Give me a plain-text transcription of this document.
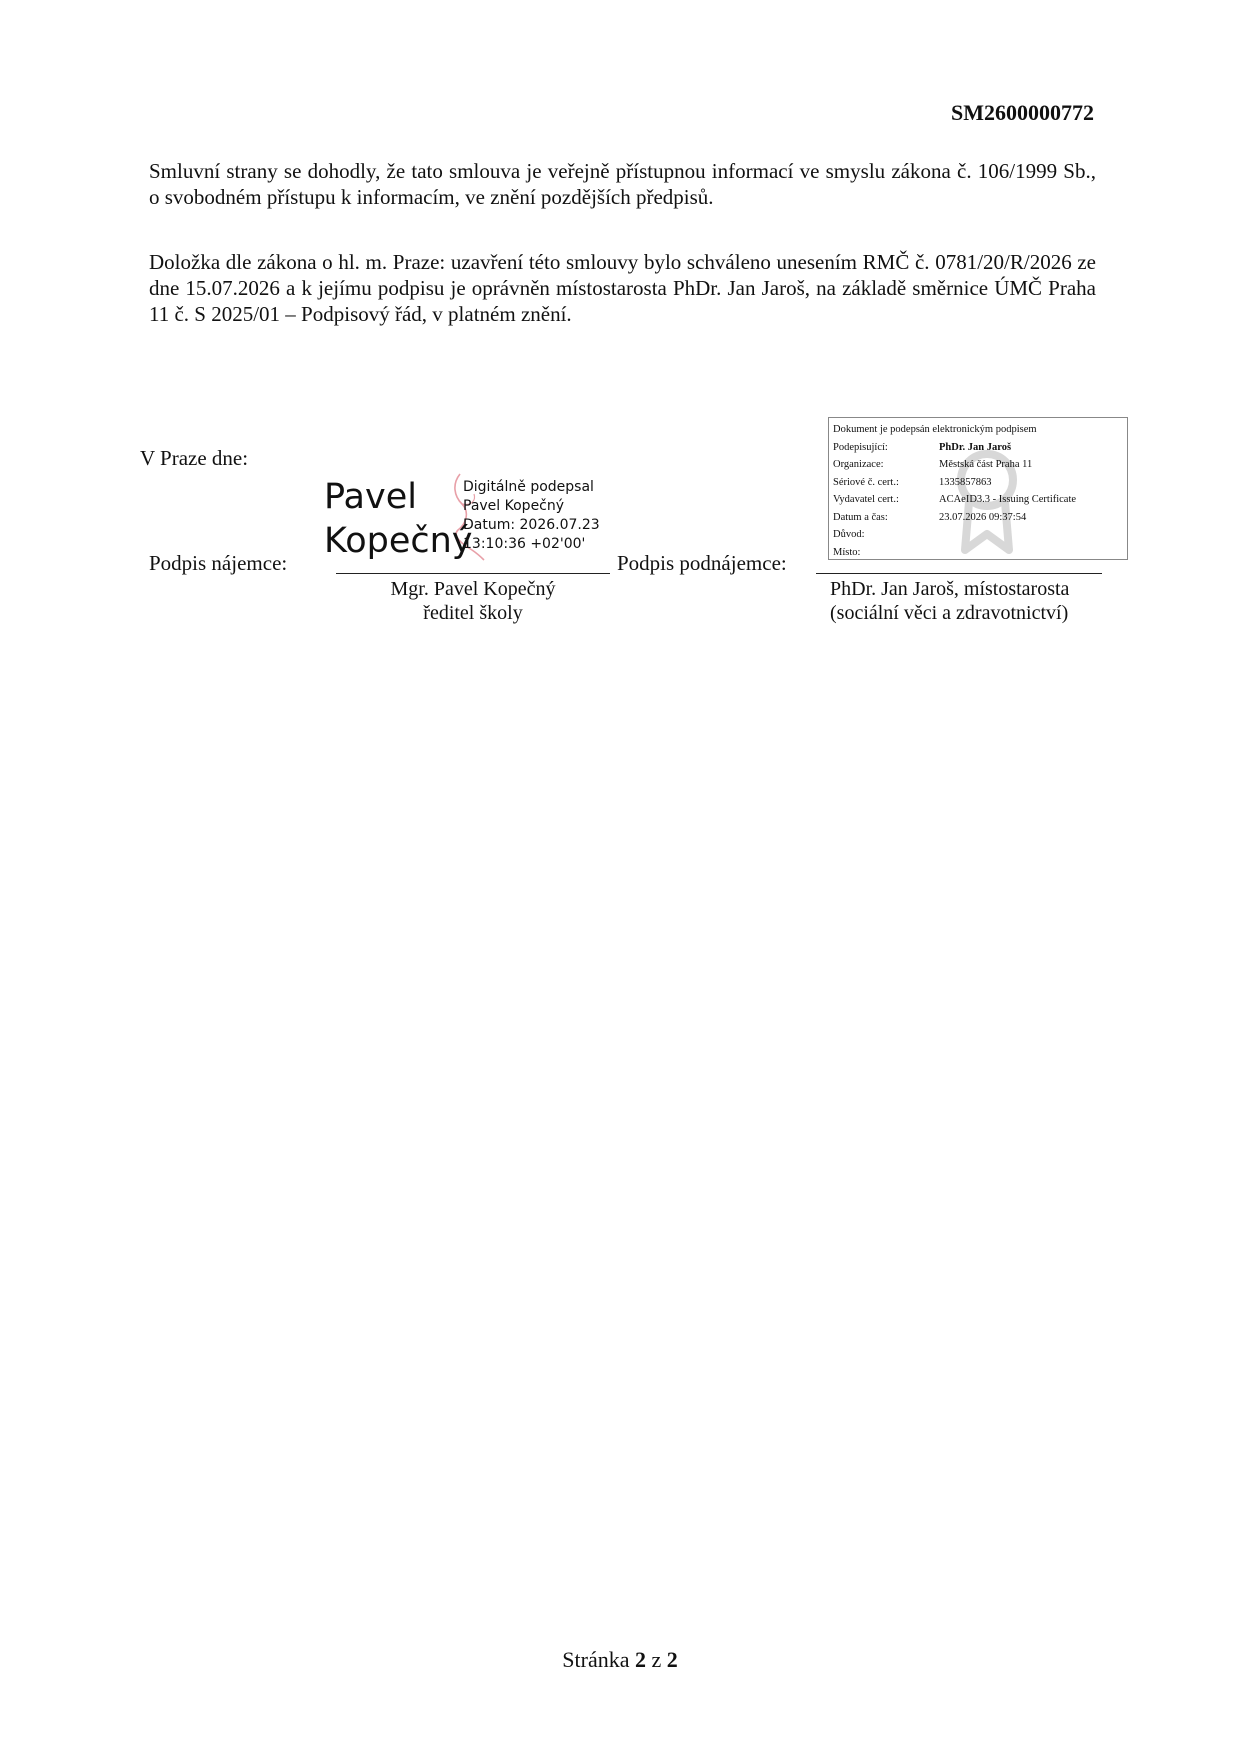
SM2600000772

Smluvní strany se dohodly, že tato smlouva je veřejně přístupnou informací ve smyslu zákona č. 106/1999 Sb., o svobodném přístupu k informacím, ve znění pozdějších předpisů.

Doložka dle zákona o hl. m. Praze: uzavření této smlouvy bylo schváleno unesením RMČ č. 0781/20/R/2026 ze dne 15.07.2026 a k jejímu podpisu je oprávněn místostarosta PhDr. Jan Jaroš, na základě směrnice ÚMČ Praha 11 č. S 2025/01 – Podpisový řád, v platném znění.

V Praze dne:
Podpis nájemce:
Pavel
Kopečný
Digitálně podepsal
Pavel Kopečný
Datum: 2026.07.23
13:10:36 +02'00'
Mgr. Pavel Kopečný
ředitel školy
Podpis podnájemce:
Dokument je podepsán elektronickým podpisem
Podepisující:	PhDr. Jan Jaroš
Organizace:	Městská část Praha 11
Sériové č. cert.:	1335857863
Vydavatel cert.:	ACAeID3.3 - Issuing Certificate
Datum a čas:	23.07.2026 09:37:54
Důvod:
Místo:
PhDr. Jan Jaroš, místostarosta
(sociální věci a zdravotnictví)
Stránka 2 z 2
